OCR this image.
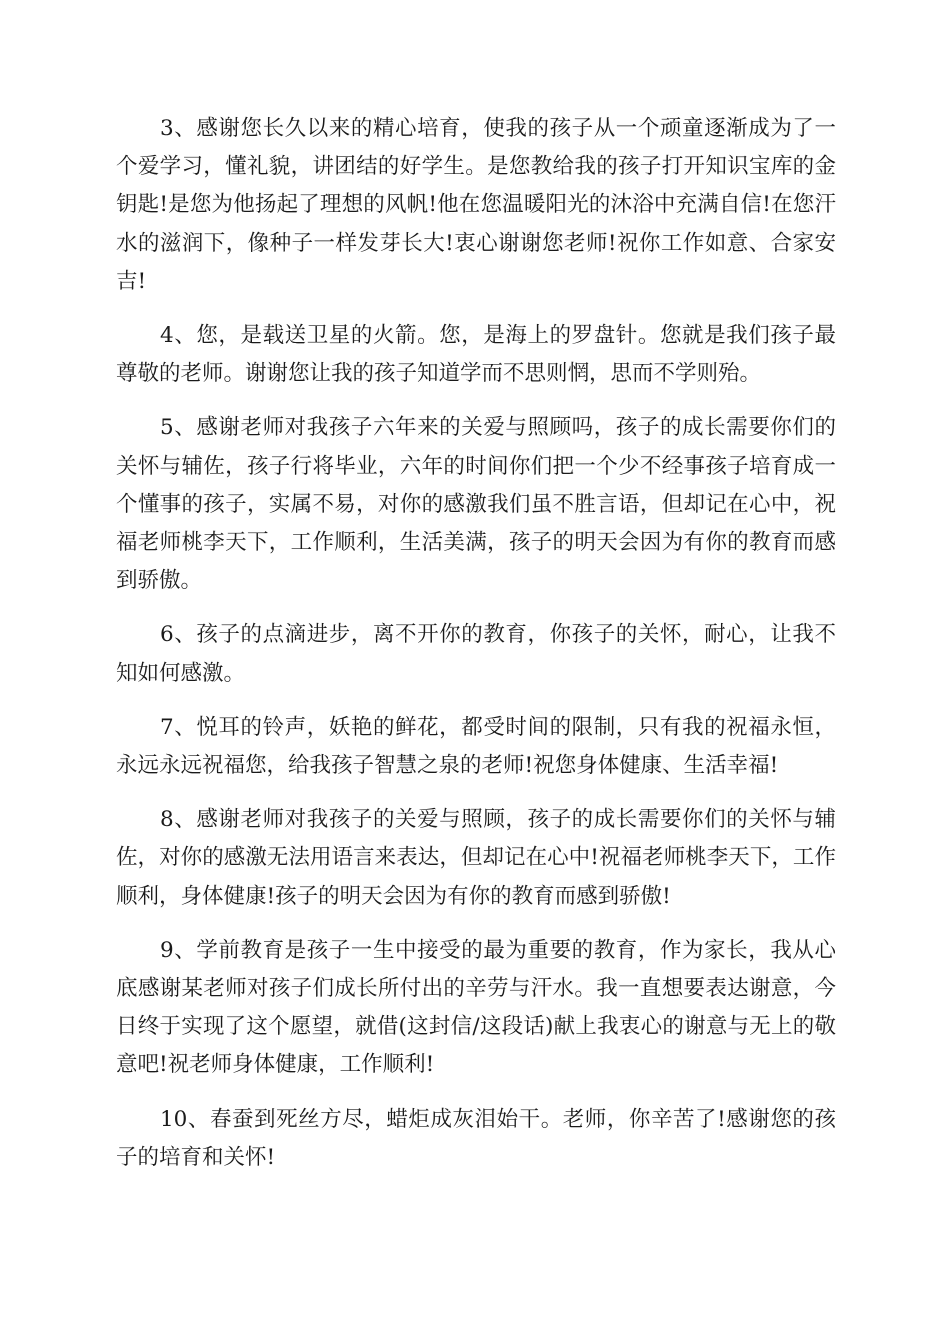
3、感谢您长久以来的精心培育，使我的孩子从一个顽童逐渐成为了一个爱学习，懂礼貌，讲团结的好学生。是您教给我的孩子打开知识宝库的金钥匙!是您为他扬起了理想的风帆!他在您温暖阳光的沐浴中充满自信!在您汗水的滋润下，像种子一样发芽长大!衷心谢谢您老师!祝你工作如意、合家安吉!

4、您，是载送卫星的火箭。您，是海上的罗盘针。您就是我们孩子最尊敬的老师。谢谢您让我的孩子知道学而不思则惘，思而不学则殆。

5、感谢老师对我孩子六年来的关爱与照顾吗，孩子的成长需要你们的关怀与辅佐，孩子行将毕业，六年的时间你们把一个少不经事孩子培育成一个懂事的孩子，实属不易，对你的感激我们虽不胜言语，但却记在心中，祝福老师桃李天下，工作顺利，生活美满，孩子的明天会因为有你的教育而感到骄傲。

6、孩子的点滴进步，离不开你的教育，你孩子的关怀，耐心，让我不知如何感激。

7、悦耳的铃声，妖艳的鲜花，都受时间的限制，只有我的祝福永恒，永远永远祝福您，给我孩子智慧之泉的老师!祝您身体健康、生活幸福!

8、感谢老师对我孩子的关爱与照顾，孩子的成长需要你们的关怀与辅佐，对你的感激无法用语言来表达，但却记在心中!祝福老师桃李天下，工作顺利，身体健康!孩子的明天会因为有你的教育而感到骄傲!

9、学前教育是孩子一生中接受的最为重要的教育，作为家长，我从心底感谢某老师对孩子们成长所付出的辛劳与汗水。我一直想要表达谢意，今日终于实现了这个愿望，就借(这封信/这段话)献上我衷心的谢意与无上的敬意吧!祝老师身体健康，工作顺利!

10、春蚕到死丝方尽，蜡炬成灰泪始干。老师，你辛苦了!感谢您的孩子的培育和关怀!
